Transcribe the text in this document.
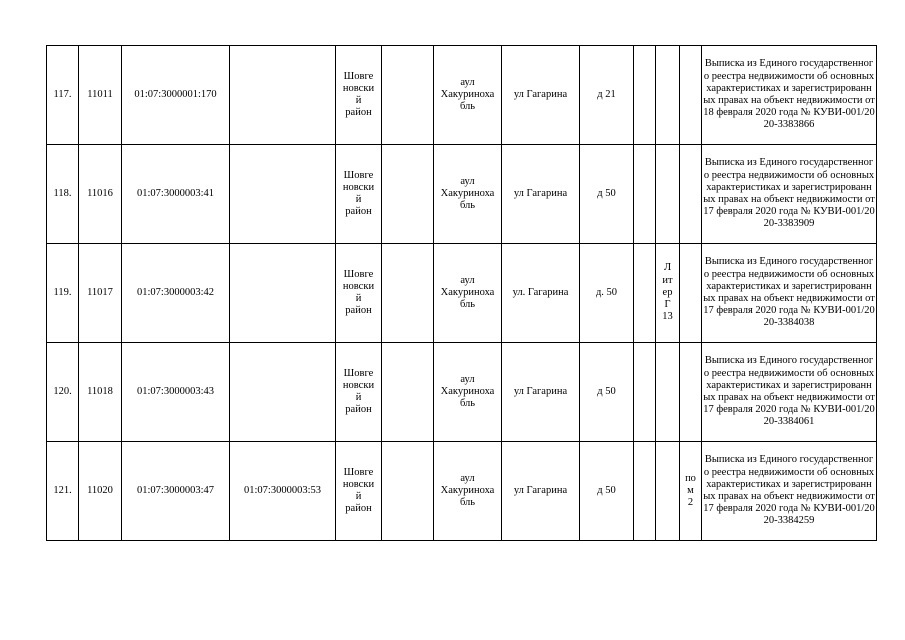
117.	11011	01:07:3000001:170		Шовге
новски
й
район		аул
Хакуриноха
бль	ул Гагарина	д 21				Выписка из Единого государственного реестра недвижимости об основных характеристиках и зарегистрированных правах на объект недвижимости от 18 февраля 2020 года № КУВИ-001/2020-3383866
118.	11016	01:07:3000003:41		Шовге
новски
й
район		аул
Хакуриноха
бль	ул Гагарина	д 50				Выписка из Единого государственного реестра недвижимости об основных характеристиках и зарегистрированных правах на объект недвижимости от 17 февраля 2020 года № КУВИ-001/2020-3383909
119.	11017	01:07:3000003:42		Шовге
новски
й
район		аул
Хакуриноха
бль	ул. Гагарина	д. 50		Л
ит
ер
Г
13		Выписка из Единого государственного реестра недвижимости об основных характеристиках и зарегистрированных правах на объект недвижимости от 17 февраля 2020 года № КУВИ-001/2020-3384038
120.	11018	01:07:3000003:43		Шовге
новски
й
район		аул
Хакуриноха
бль	ул Гагарина	д 50				Выписка из Единого государственного реестра недвижимости об основных характеристиках и зарегистрированных правах на объект недвижимости от 17 февраля 2020 года № КУВИ-001/2020-3384061
121.	11020	01:07:3000003:47	01:07:3000003:53	Шовге
новски
й
район		аул
Хакуриноха
бль	ул Гагарина	д 50			по
м
2	Выписка из Единого государственного реестра недвижимости об основных характеристиках и зарегистрированных правах на объект недвижимости от 17 февраля 2020 года № КУВИ-001/2020-3384259
